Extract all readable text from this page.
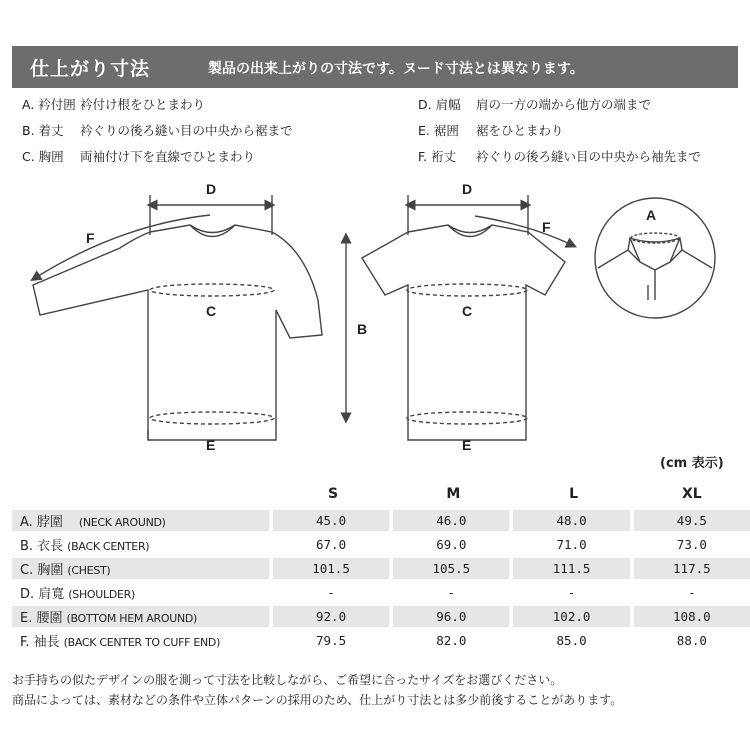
仕上がり寸法	製品の出来上がりの寸法です。ヌード寸法とは異なります。
A. 衿付囲 衿付け根をひとまわり
B. 着丈 衿ぐりの後ろ縫い目の中央から裾まで
C. 胸囲 両袖付け下を直線でひとまわり
D. 肩幅 肩の一方の端から他方の端まで
E. 裾囲 裾をひとまわり
F. 裄丈 衿ぐりの後ろ縫い目の中央から袖先まで
D	D
F
F
C	C
B
E	E
A
(cm 表示)
	S	M	L	XL
A. 脖圍 (NECK AROUND)	45.0	46.0	48.0	49.5
B. 衣長 (BACK CENTER)	67.0	69.0	71.0	73.0
C. 胸圍 (CHEST)	101.5	105.5	111.5	117.5
D. 肩寬 (SHOULDER)	-	-	-	-
E. 腰圍 (BOTTOM HEM AROUND)	92.0	96.0	102.0	108.0
F. 袖長 (BACK CENTER TO CUFF END)	79.5	82.0	85.0	88.0
お手持ちの似たデザインの服を測って寸法を比較しながら、ご希望に合ったサイズをお選びください。
商品によっては、素材などの条件や立体パターンの採用のため、仕上がり寸法とは多少前後することがあります。
